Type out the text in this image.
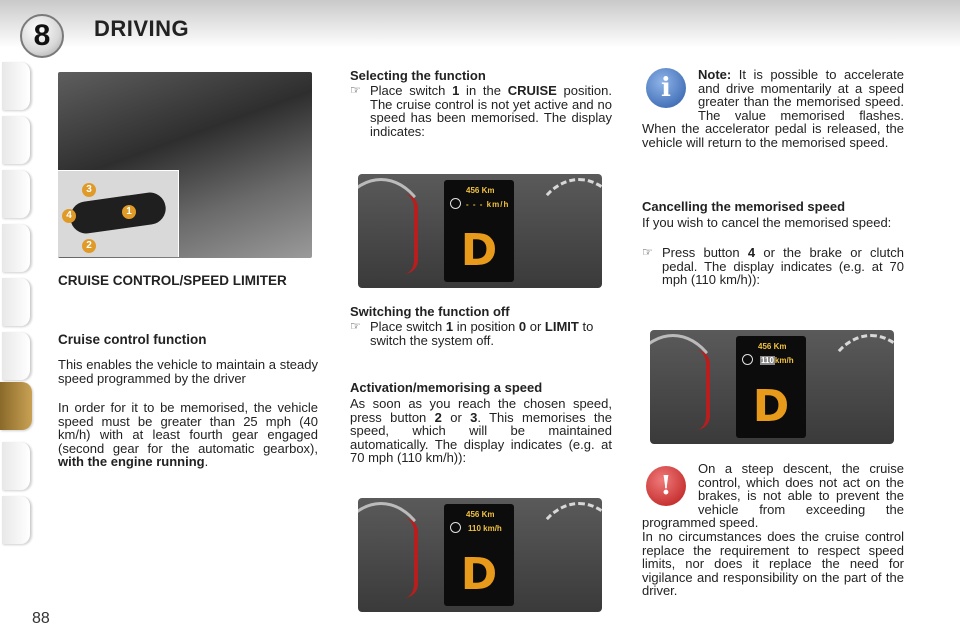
8	DRIVING
88
3
4	1
2
CRUISE CONTROL/SPEED LIMITER
Cruise control function
This enables the vehicle to maintain a steady speed programmed by the driver
In order for it to be memorised, the vehicle speed must be greater than 25 mph (40 km/h) with at least fourth gear engaged (second gear for the automatic gearbox), with the engine running.
Selecting the function
☞ Place switch 1 in the CRUISE position. The cruise control is not yet active and no speed has been memorised. The display indicates:
456 Km
- - - km/h
D
Switching the function off
☞ Place switch 1 in position 0 or LIMIT to switch the system off.
Activation/memorising a speed
As soon as you reach the chosen speed, press button 2 or 3. This memorises the speed, which will be maintained automatically. The display indicates (e.g. at 70 mph (110 km/h)):
456 Km
110 km/h
D
i	Note: It is possible to accelerate and drive momentarily at a speed greater than the memorised speed. The value memorised flashes. When the accelerator pedal is released, the vehicle will return to the memorised speed.
Cancelling the memorised speed
If you wish to cancel the memorised speed:
☞ Press button 4 or the brake or clutch pedal. The display indicates (e.g. at 70 mph (110 km/h)):
456 Km
110km/h
D
!
On a steep descent, the cruise control, which does not act on the brakes, is not able to prevent the vehicle from exceeding the programmed speed.
In no circumstances does the cruise control replace the requirement to respect speed limits, nor does it replace the need for vigilance and responsibility on the part of the driver.
